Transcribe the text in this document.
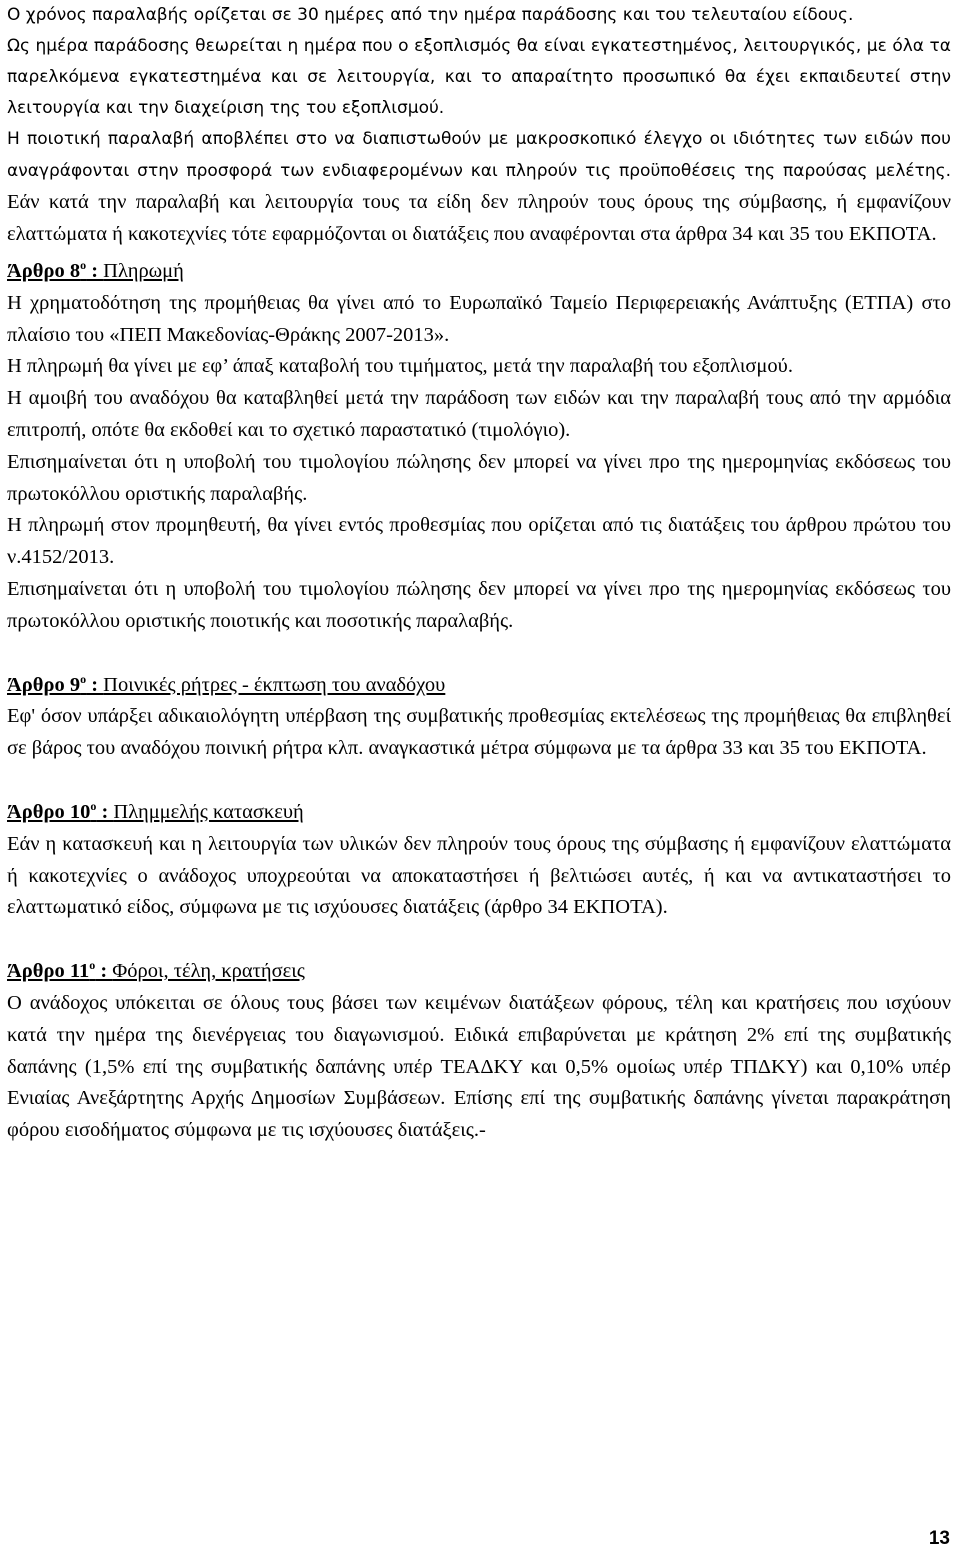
Ο χρόνος παραλαβής ορίζεται σε 30 ημέρες από την ημέρα παράδοσης και του τελευταίου είδους.

Ως ημέρα παράδοσης θεωρείται η ημέρα που ο εξοπλισμός θα είναι εγκατεστημένος, λειτουργικός, με όλα τα παρελκόμενα εγκατεστημένα και σε λειτουργία, και το απαραίτητο προσωπικό θα έχει εκπαιδευτεί στην λειτουργία και την διαχείριση της του εξοπλισμού.

Η ποιοτική παραλαβή αποβλέπει στο να διαπιστωθούν με μακροσκοπικό έλεγχο οι ιδιότητες των ειδών που αναγράφονται στην προσφορά των ενδιαφερομένων και πληρούν τις προϋποθέσεις της παρούσας μελέτης. Εάν κατά την παραλαβή και λειτουργία τους τα είδη δεν πληρούν τους όρους της σύμβασης, ή εμφανίζουν ελαττώματα ή κακοτεχνίες τότε εφαρμόζονται οι διατάξεις που αναφέρονται στα άρθρα 34 και 35 του ΕΚΠΟΤΑ.

Άρθρο $8^o$ : Πληρωμή

Η χρηματοδότηση της προμήθειας θα γίνει από το Ευρωπαϊκό Ταμείο Περιφερειακής Ανάπτυξης (ΕΤΠΑ) στο πλαίσιο του «ΠΕΠ Μακεδονίας-Θράκης 2007-2013».

Η πληρωμή θα γίνει με εφ’ άπαξ καταβολή του τιμήματος, μετά την παραλαβή του εξοπλισμού.

Η αμοιβή του αναδόχου θα καταβληθεί μετά την παράδοση των ειδών και την παραλαβή τους από την αρμόδια επιτροπή, οπότε θα εκδοθεί και το σχετικό παραστατικό (τιμολόγιο).

Επισημαίνεται ότι η υποβολή του τιμολογίου πώλησης δεν μπορεί να γίνει προ της ημερομηνίας εκδόσεως του πρωτοκόλλου οριστικής παραλαβής.

Η πληρωμή στον προμηθευτή, θα γίνει εντός προθεσμίας που ορίζεται από τις διατάξεις του άρθρου πρώτου του ν.4152/2013.

Επισημαίνεται ότι η υποβολή του τιμολογίου πώλησης δεν μπορεί να γίνει προ της ημερομηνίας εκδόσεως του πρωτοκόλλου οριστικής ποιοτικής και ποσοτικής παραλαβής.

Άρθρο $9^o$ : Ποινικές ρήτρες - έκπτωση του αναδόχου

Εφ' όσον υπάρξει αδικαιολόγητη υπέρβαση της συμβατικής προθεσμίας εκτελέσεως της προμήθειας θα επιβληθεί σε βάρος του αναδόχου ποινική ρήτρα κλπ. αναγκαστικά μέτρα σύμφωνα με τα άρθρα 33 και 35 του ΕΚΠΟΤΑ.

Άρθρο $10^o$ : Πλημμελής κατασκευή

Εάν η κατασκευή και η λειτουργία των υλικών δεν πληρούν τους όρους της σύμβασης ή εμφανίζουν ελαττώματα ή κακοτεχνίες ο ανάδοχος υποχρεούται να αποκαταστήσει ή βελτιώσει αυτές, ή και να αντικαταστήσει το ελαττωματικό είδος, σύμφωνα με τις ισχύουσες διατάξεις (άρθρο 34 ΕΚΠΟΤΑ).

Άρθρο $11^o$ : Φόροι, τέλη, κρατήσεις

Ο ανάδοχος υπόκειται σε όλους τους βάσει των κειμένων διατάξεων φόρους, τέλη και κρατήσεις που ισχύουν κατά την ημέρα της διενέργειας του διαγωνισμού. Ειδικά επιβαρύνεται με κράτηση 2% επί της συμβατικής δαπάνης (1,5% επί της συμβατικής δαπάνης υπέρ ΤΕΑΔΚΥ και 0,5% ομοίως υπέρ ΤΠΔΚΥ) και 0,10% υπέρ Ενιαίας Ανεξάρτητης Αρχής Δημοσίων Συμβάσεων. Επίσης επί της συμβατικής δαπάνης γίνεται παρακράτηση φόρου εισοδήματος σύμφωνα με τις ισχύουσες διατάξεις.-

13
